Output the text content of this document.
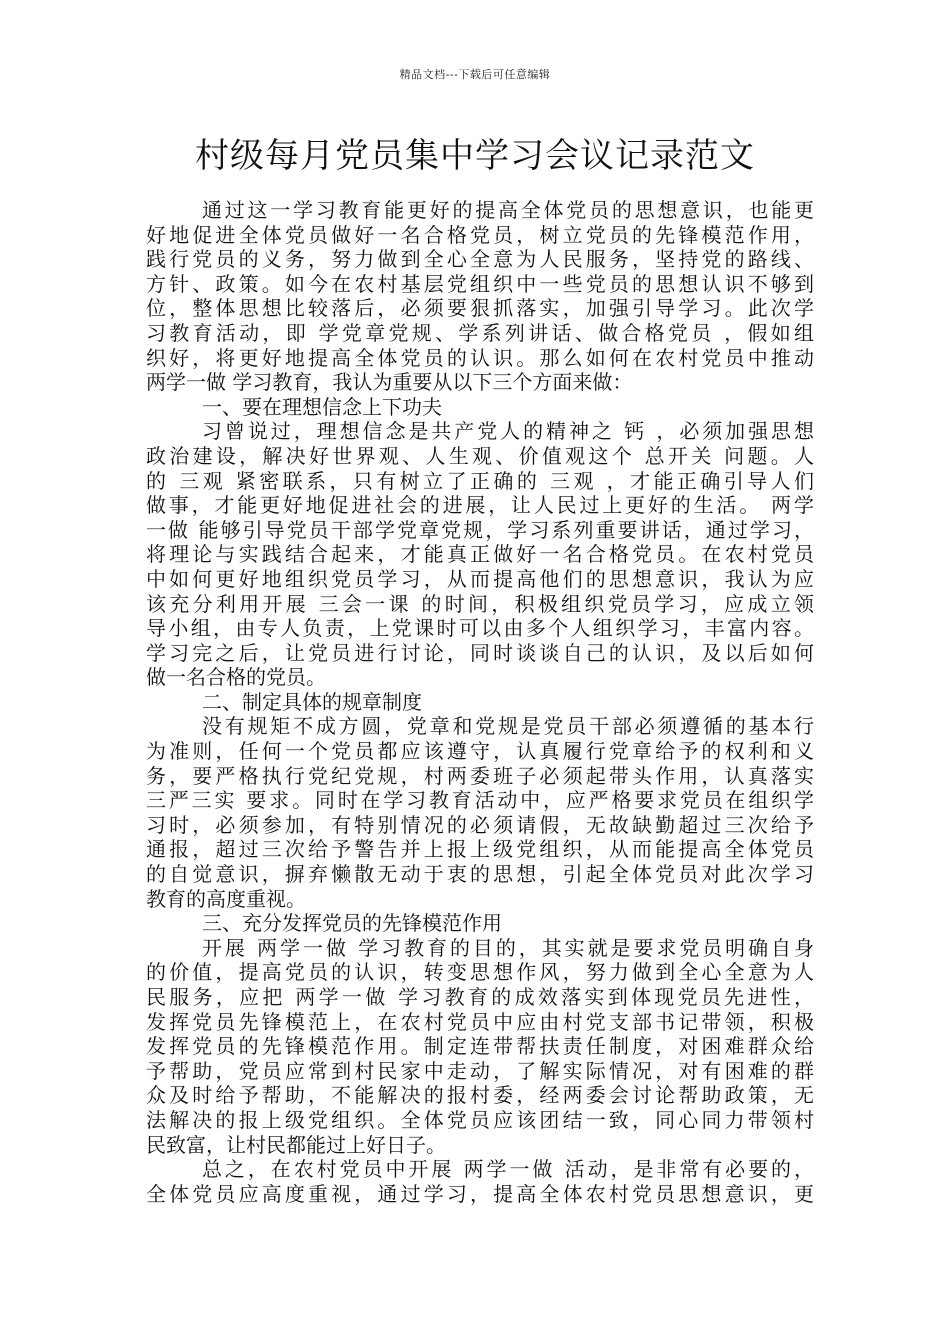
精品文档---下载后可任意编辑
村级每月党员集中学习会议记录范文
通过这一学习教育能更好的提高全体党员的思想意识，也能更
好地促进全体党员做好一名合格党员，树立党员的先锋模范作用，
践行党员的义务，努力做到全心全意为人民服务，坚持党的路线、
方针、政策。如今在农村基层党组织中一些党员的思想认识不够到
位，整体思想比较落后，必须要狠抓落实，加强引导学习。此次学
习教育活动，即 学党章党规、学系列讲话、做合格党员 ，假如组
织好，将更好地提高全体党员的认识。那么如何在农村党员中推动
两学一做 学习教育，我认为重要从以下三个方面来做：
一、要在理想信念上下功夫
习曾说过，理想信念是共产党人的精神之 钙 ，必须加强思想
政治建设，解决好世界观、人生观、价值观这个 总开关 问题。人
的 三观 紧密联系，只有树立了正确的 三观 ，才能正确引导人们
做事，才能更好地促进社会的进展，让人民过上更好的生活。 两学
一做 能够引导党员干部学党章党规，学习系列重要讲话，通过学习，
将理论与实践结合起来，才能真正做好一名合格党员。在农村党员
中如何更好地组织党员学习，从而提高他们的思想意识，我认为应
该充分利用开展 三会一课 的时间，积极组织党员学习，应成立领
导小组，由专人负责，上党课时可以由多个人组织学习，丰富内容。
学习完之后，让党员进行讨论，同时谈谈自己的认识，及以后如何
做一名合格的党员。
二、制定具体的规章制度
没有规矩不成方圆，党章和党规是党员干部必须遵循的基本行
为准则，任何一个党员都应该遵守，认真履行党章给予的权利和义
务，要严格执行党纪党规，村两委班子必须起带头作用，认真落实
三严三实 要求。同时在学习教育活动中，应严格要求党员在组织学
习时，必须参加，有特别情况的必须请假，无故缺勤超过三次给予
通报，超过三次给予警告并上报上级党组织，从而能提高全体党员
的自觉意识，摒弃懒散无动于衷的思想，引起全体党员对此次学习
教育的高度重视。
三、充分发挥党员的先锋模范作用
开展 两学一做 学习教育的目的，其实就是要求党员明确自身
的价值，提高党员的认识，转变思想作风，努力做到全心全意为人
民服务，应把 两学一做 学习教育的成效落实到体现党员先进性，
发挥党员先锋模范上，在农村党员中应由村党支部书记带领，积极
发挥党员的先锋模范作用。制定连带帮扶责任制度，对困难群众给
予帮助，党员应常到村民家中走动，了解实际情况，对有困难的群
众及时给予帮助，不能解决的报村委，经两委会讨论帮助政策，无
法解决的报上级党组织。全体党员应该团结一致，同心同力带领村
民致富，让村民都能过上好日子。
总之，在农村党员中开展 两学一做 活动，是非常有必要的，
全体党员应高度重视，通过学习，提高全体农村党员思想意识，更
